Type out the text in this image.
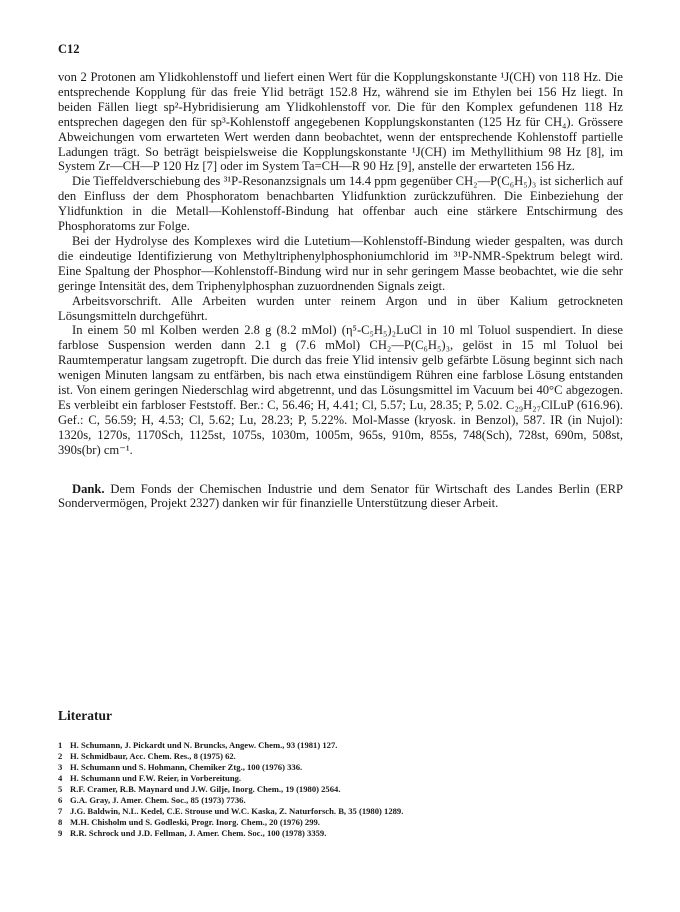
C12

von 2 Protonen am Ylidkohlenstoff und liefert einen Wert für die Kopplungskonstante ¹J(CH) von 118 Hz. Die entsprechende Kopplung für das freie Ylid beträgt 152.8 Hz, während sie im Ethylen bei 156 Hz liegt. In beiden Fällen liegt sp²-Hybridisierung am Ylidkohlenstoff vor. Die für den Komplex gefundenen 118 Hz entsprechen dagegen den für sp³-Kohlenstoff angegebenen Kopplungskonstanten (125 Hz für CH₄). Grössere Abweichungen vom erwarteten Wert werden dann beobachtet, wenn der entsprechende Kohlenstoff partielle Ladungen trägt. So beträgt beispielsweise die Kopplungskonstante ¹J(CH) im Methyllithium 98 Hz [8], im System Zr—CH—P 120 Hz [7] oder im System Ta=CH—R 90 Hz [9], anstelle der erwarteten 156 Hz.

Die Tieffeldverschiebung des ³¹P-Resonanzsignals um 14.4 ppm gegenüber CH₂—P(C₆H₅)₃ ist sicherlich auf den Einfluss der dem Phosphoratom benachbarten Ylidfunktion zurückzuführen. Die Einbeziehung der Ylidfunktion in die Metall—Kohlenstoff-Bindung hat offenbar auch eine stärkere Entschirmung des Phosphoratoms zur Folge.

Bei der Hydrolyse des Komplexes wird die Lutetium—Kohlenstoff-Bindung wieder gespalten, was durch die eindeutige Identifizierung von Methyltriphenylphosphoniumchlorid im ³¹P-NMR-Spektrum belegt wird. Eine Spaltung der Phosphor—Kohlenstoff-Bindung wird nur in sehr geringem Masse beobachtet, wie die sehr geringe Intensität des, dem Triphenylphosphan zuzuordnenden Signals zeigt.

Arbeitsvorschrift. Alle Arbeiten wurden unter reinem Argon und in über Kalium getrockneten Lösungsmitteln durchgeführt.

In einem 50 ml Kolben werden 2.8 g (8.2 mMol) (η⁵-C₅H₅)₂LuCl in 10 ml Toluol suspendiert. In diese farblose Suspension werden dann 2.1 g (7.6 mMol) CH₂—P(C₆H₅)₃, gelöst in 15 ml Toluol bei Raumtemperatur langsam zugetropft. Die durch das freie Ylid intensiv gelb gefärbte Lösung beginnt sich nach wenigen Minuten langsam zu entfärben, bis nach etwa einstündigem Rühren eine farblose Lösung entstanden ist. Von einem geringen Niederschlag wird abgetrennt, und das Lösungsmittel im Vacuum bei 40°C abgezogen. Es verbleibt ein farbloser Feststoff. Ber.: C, 56.46; H, 4.41; Cl, 5.57; Lu, 28.35; P, 5.02. C₂₉H₂₇ClLuP (616.96). Gef.: C, 56.59; H, 4.53; Cl, 5.62; Lu, 28.23; P, 5.22%. Mol-Masse (kryosk. in Benzol), 587. IR (in Nujol): 1320s, 1270s, 1170Sch, 1125st, 1075s, 1030m, 1005m, 965s, 910m, 855s, 748(Sch), 728st, 690m, 508st, 390s(br) cm⁻¹.

Dank. Dem Fonds der Chemischen Industrie und dem Senator für Wirtschaft des Landes Berlin (ERP Sondervermögen, Projekt 2327) danken wir für finanzielle Unterstützung dieser Arbeit.

Literatur
1 H. Schumann, J. Pickardt und N. Bruncks, Angew. Chem., 93 (1981) 127.
2 H. Schmidbaur, Acc. Chem. Res., 8 (1975) 62.
3 H. Schumann und S. Hohmann, Chemiker Ztg., 100 (1976) 336.
4 H. Schumann und F.W. Reier, in Vorbereitung.
5 R.F. Cramer, R.B. Maynard und J.W. Gilje, Inorg. Chem., 19 (1980) 2564.
6 G.A. Gray, J. Amer. Chem. Soc., 85 (1973) 7736.
7 J.G. Baldwin, N.L. Kedel, C.E. Strouse und W.C. Kaska, Z. Naturforsch. B, 35 (1980) 1289.
8 M.H. Chisholm und S. Godleski, Progr. Inorg. Chem., 20 (1976) 299.
9 R.R. Schrock und J.D. Fellman, J. Amer. Chem. Soc., 100 (1978) 3359.
